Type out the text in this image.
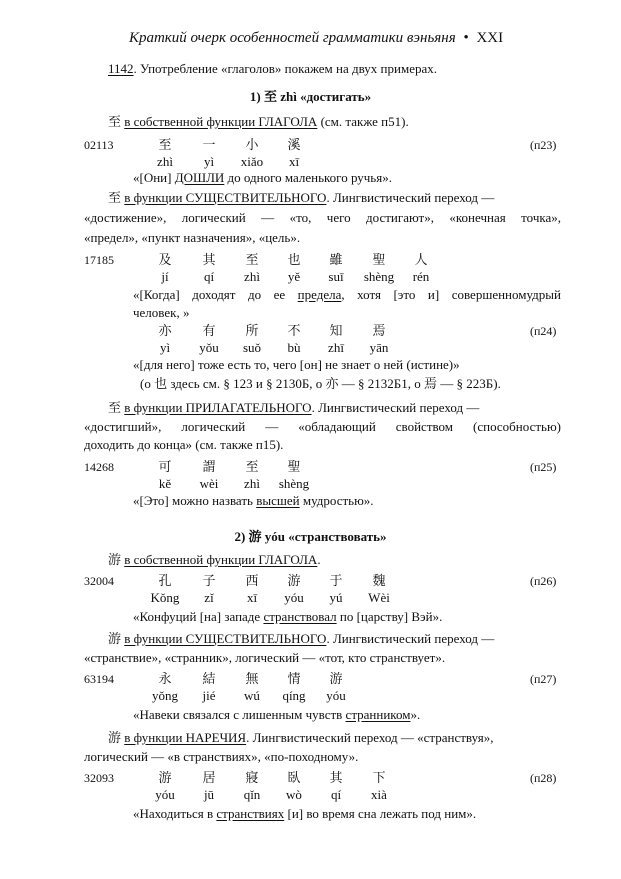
Краткий очерк особенностей грамматики вэньяня • XXI
1142. Употребление «глаголов» покажем на двух примерах.
1) 至 zhì «достигать»
至 в собственной функции ГЛАГОЛА (см. также п51).
02113	(п23)
至	一	小	溪
zhì	yì	xiǎo	xī
«[Они] ДОШЛИ до одного маленького ручья».
至 в функции СУЩЕСТВИТЕЛЬНОГО. Лингвистический переход —
«достижение», логический — «то, чего достигают», «конечная точка»,
«предел», «пункт назначения», «цель».
17185	及	其	至	也	雖	聖	人
jí	qí	zhì	yě	suī	shèng	rén
«[Когда] доходят до ее предела, хотя [это и] совершенномудрый
человек, »
(п24)
亦	有	所	不	知	焉
yì	yǒu	suǒ	bù	zhī	yān
«[для него] тоже есть то, чего [он] не знает о ней (истине)»
(о 也 здесь см. § 123 и § 2130Б, о 亦 — § 2132Б1, о 焉 — § 223Б).
至 в функции ПРИЛАГАТЕЛЬНОГО. Лингвистический переход —
«достигший», логический — «обладающий свойством (способностью)
доходить до конца» (см. также п15).
14268	(п25)
可	謂	至	聖
kě	wèi	zhì	shèng
«[Это] можно назвать высшей мудростью».
2) 游 yóu «странствовать»
游 в собственной функции ГЛАГОЛА.
32004	(п26)
孔	子	西	游	于	魏
Kǒng	zǐ	xī	yóu	yú	Wèi
«Конфуций [на] западе странствовал по [царству] Вэй».
游 в функции СУЩЕСТВИТЕЛЬНОГО. Лингвистический переход —
«странствие», «странник», логический — «тот, кто странствует».
63194	(п27)
永	結	無	情	游
yǒng	jié	wú	qíng	yóu
«Навеки связался с лишенным чувств странником».
游 в функции НАРЕЧИЯ. Лингвистический переход — «странствуя»,
логический — «в странствиях», «по-походному».
32093	(п28)
游	居	寢	臥	其	下
yóu	jū	qǐn	wò	qí	xià
«Находиться в странствиях [и] во время сна лежать под ним».
